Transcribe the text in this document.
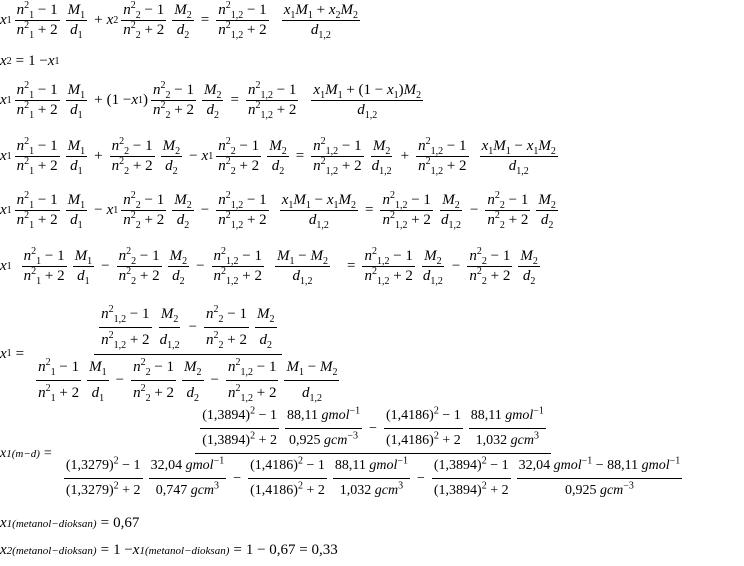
x $1 \frac{n^2_1 - 1}{n^2_1 + 2} \frac{M_1}{d_1} + x$ $2 \frac{n^2_2 - 1}{n^2_2 + 2} \frac{M_2}{d_2} = \frac{n^2_{1,2} - 1}{n^2_{1,2} + 2} \frac{x_1M_1 + x_2M_2}{d_{1,2}}$
x 2 = 1 − x 1
x $1 \frac{n^2_1 - 1}{n^2_1 + 2} \frac{M_1}{d_1} + (1 - x$ 1 ) $\frac{n^2_2 - 1}{n^2_2 + 2} \frac{M_2}{d_2} = \frac{n^2_{1,2} - 1}{n^2_{1,2} + 2} \frac{x_1M_1 + (1 - x_1)M_2}{d_{1,2}}$
x $1 \frac{n^2_1 - 1}{n^2_1 + 2} \frac{M_1}{d_1} + \frac{n^2_2 - 1}{n^2_2 + 2} \frac{M_2}{d_2} - x$ $1 \frac{n^2_2 - 1}{n^2_2 + 2} \frac{M_2}{d_2} = \frac{n^2_{1,2} - 1}{n^2_{1,2} + 2} \frac{M_2}{d_{1,2}} + \frac{n^2_{1,2} - 1}{n^2_{1,2} + 2} \frac{x_1M_1 - x_1M_2}{d_{1,2}}$
x $1 \frac{n^2_1 - 1}{n^2_1 + 2} \frac{M_1}{d_1} - x$ $1 \frac{n^2_2 - 1}{n^2_2 + 2} \frac{M_2}{d_2} - \frac{n^2_{1,2} - 1}{n^2_{1,2} + 2} \frac{x_1M_1 - x_1M_2}{d_{1,2}} = \frac{n^2_{1,2} - 1}{n^2_{1,2} + 2} \frac{M_2}{d_{1,2}} - \frac{n^2_2 - 1}{n^2_2 + 2} \frac{M_2}{d_2}$
x $1 \frac{n^2_1 - 1}{n^2_1 + 2} \frac{M_1}{d_1} - \frac{n^2_2 - 1}{n^2_2 + 2} \frac{M_2}{d_2} - \frac{n^2_{1,2} - 1}{n^2_{1,2} + 2} \frac{M_1 - M_2}{d_{1,2}} = \frac{n^2_{1,2} - 1}{n^2_{1,2} + 2} \frac{M_2}{d_{1,2}} - \frac{n^2_2 - 1}{n^2_2 + 2} \frac{M_2}{d_2}$
x 1 =
$\frac{n^2_{1,2} - 1}{n^2_{1,2} + 2} \frac{M_2}{d_{1,2}} - \frac{n^2_2 - 1}{n^2_2 + 2} \frac{M_2}{d_2}$
$\frac{n^2_1 - 1}{n^2_1 + 2} \frac{M_1}{d_1} - \frac{n^2_2 - 1}{n^2_2 + 2} \frac{M_2}{d_2} - \frac{n^2_{1,2} - 1}{n^2_{1,2} + 2} \frac{M_1 - M_2}{d_{1,2}}$
x 1(m−d) =
$\frac{(1,3894)^2 - 1}{(1,3894)^2 + 2} \frac{88,11 gmol^{-1}}{0,925 gcm^{-3}} - \frac{(1,4186)^2 - 1}{(1,4186)^2 + 2} \frac{88,11 gmol^{-1}}{1,032 gcm^3}$
$\frac{(1,3279)^2 - 1}{(1,3279)^2 + 2} \frac{32,04 gmol^{-1}}{0,747 gcm^3} - \frac{(1,4186)^2 - 1}{(1,4186)^2 + 2} \frac{88,11 gmol^{-1}}{1,032 gcm^3} - \frac{(1,3894)^2 - 1}{(1,3894)^2 + 2} \frac{32,04 gmol^{-1} - 88,11 gmol^{-1}}{0,925 gcm^{-3}}$
x 1(metanol−dioksan) = 0,67
x 2(metanol−dioksan) = 1 − x 1(metanol−dioksan) = 1 − 0,67 = 0,33
